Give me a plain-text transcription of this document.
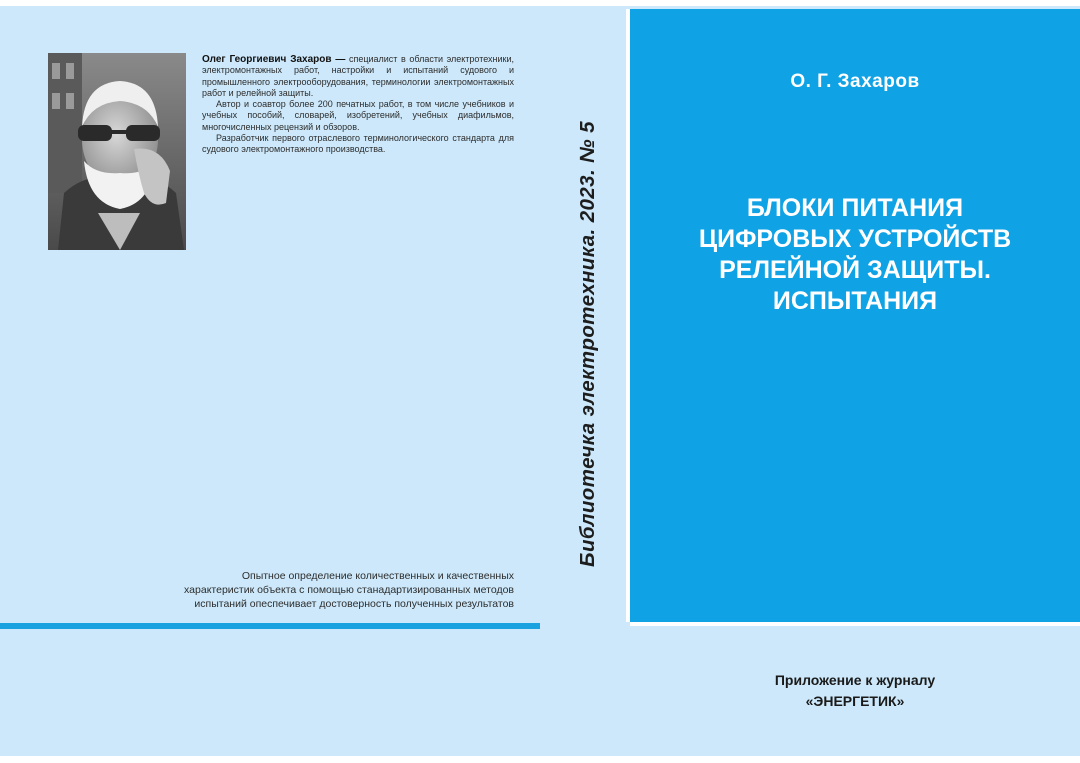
Олег Георгиевич Захаров — специалист в области электротехники, электромонтажных работ, настройки и испытаний судового и промышленного электрооборудования, терминологии электромонтажных работ и релейной защиты.
Автор и соавтор более 200 печатных работ, в том числе учебников и учебных пособий, словарей, изобретений, учебных диафильмов, многочисленных рецензий и обзоров.
Разработчик первого отраслевого терминологического стандарта для судового электромонтажного производства.
Опытное определение количественных и качественных
характеристик объекта с помощью станадартизированных методов
испытаний опеспечивает достоверность полученных результатов
Библиотечка электротехника. 2023. № 5
О. Г. Захаров
БЛОКИ ПИТАНИЯ
ЦИФРОВЫХ УСТРОЙСТВ
РЕЛЕЙНОЙ ЗАЩИТЫ.
ИСПЫТАНИЯ
Приложение к журналу
«ЭНЕРГЕТИК»
